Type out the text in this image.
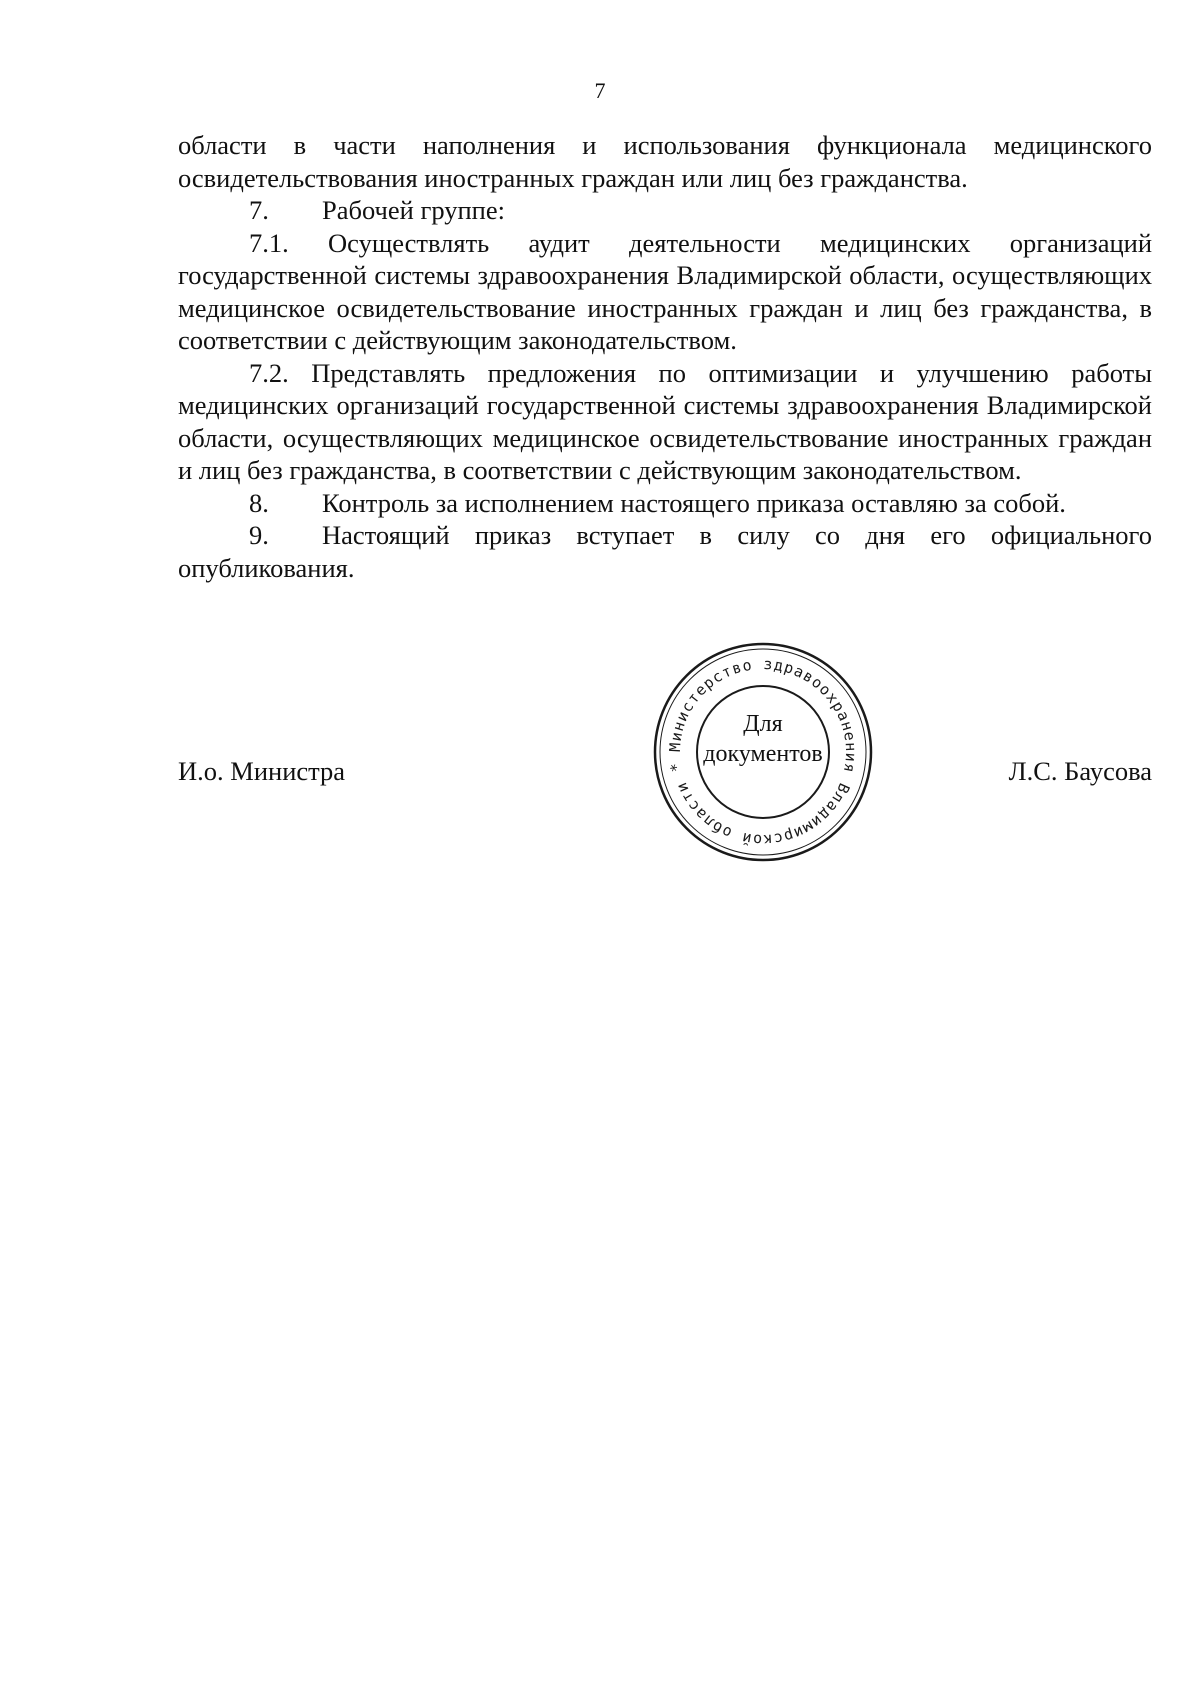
7

области в части наполнения и использования функционала медицинского освидетельствования иностранных граждан или лиц без гражданства.

7. Рабочей группе:

7.1. Осуществлять аудит деятельности медицинских организаций государственной системы здравоохранения Владимирской области, осуществляющих медицинское освидетельствование иностранных граждан и лиц без гражданства, в соответствии с действующим законодательством.

7.2. Представлять предложения по оптимизации и улучшению работы медицинских организаций государственной системы здравоохранения Владимирской области, осуществляющих медицинское освидетельствование иностранных граждан и лиц без гражданства, в соответствии с действующим законодательством.

8. Контроль за исполнением настоящего приказа оставляю за собой.

9. Настоящий приказ вступает в силу со дня его официального опубликования.

И.о. Министра	Л.С. Баусова
Министерство здравоохранения Владимирской области *
Для
документов
